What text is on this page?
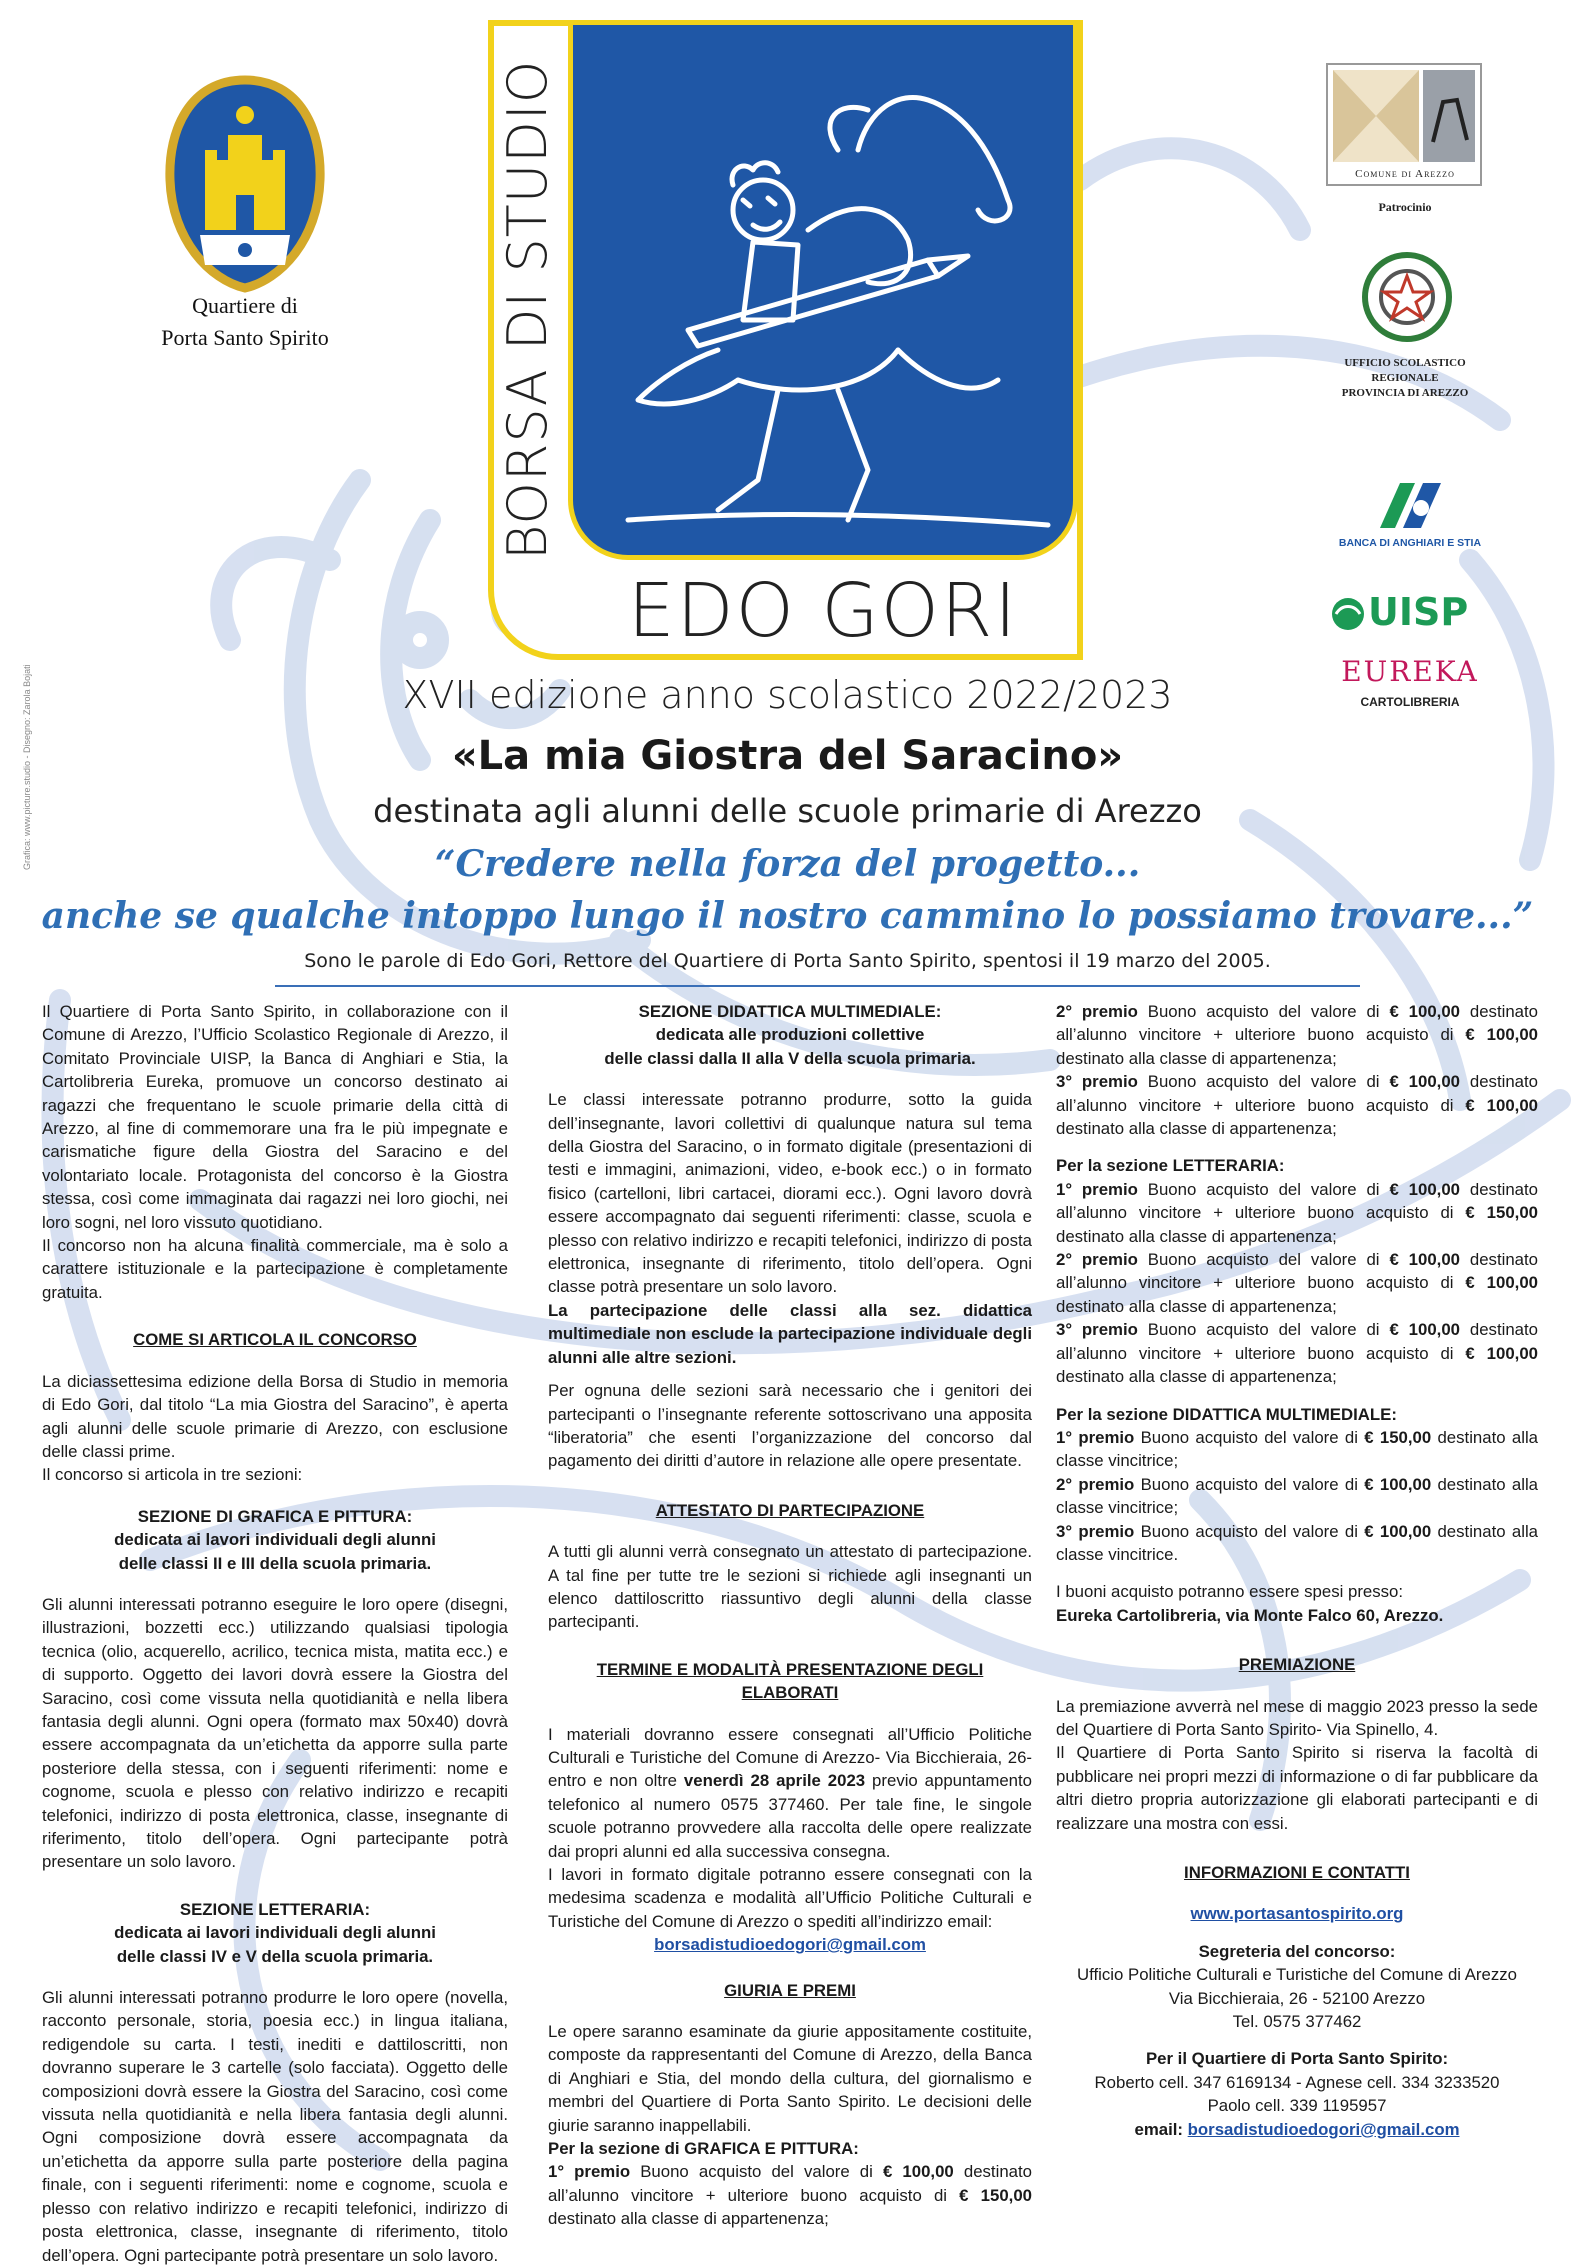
Grafica: www.picture.studio - Disegno: Zarola Bojati
Quartiere di
Porta Santo Spirito	BORSA DI STUDIO
EDO GORI
Comune di Arezzo
Patrocinio
UFFICIO SCOLASTICO
REGIONALE
PROVINCIA DI AREZZO
BANCA DI ANGHIARI E STIA
UISP
EUREKA
CARTOLIBRERIA
XVII edizione anno scolastico 2022/2023
«La mia Giostra del Saracino»
destinata agli alunni delle scuole primarie di Arezzo
“Credere nella forza del progetto...
anche se qualche intoppo lungo il nostro cammino lo possiamo trovare...”
Sono le parole di Edo Gori, Rettore del Quartiere di Porta Santo Spirito, spentosi il 19 marzo del 2005.

Il Quartiere di Porta Santo Spirito, in collaborazione con il Comune di Arezzo, l’Ufficio Scolastico Regionale di Arezzo, il Comitato Provinciale UISP, la Banca di Anghiari e Stia, la Cartolibreria Eureka, promuove un concorso destinato ai ragazzi che frequentano le scuole primarie della città di Arezzo, al fine di commemorare una fra le più impegnate e carismatiche figure della Giostra del Saracino e del volontariato locale. Protagonista del concorso è la Giostra stessa, così come immaginata dai ragazzi nei loro giochi, nei loro sogni, nel loro vissuto quotidiano.

Il concorso non ha alcuna finalità commerciale, ma è solo a carattere istituzionale e la partecipazione è completamente gratuita.

COME SI ARTICOLA IL CONCORSO

La diciassettesima edizione della Borsa di Studio in memoria di Edo Gori, dal titolo “La mia Giostra del Saracino”, è aperta agli alunni delle scuole primarie di Arezzo, con esclusione delle classi prime.

Il concorso si articola in tre sezioni:

SEZIONE DI GRAFICA E PITTURA:

dedicata ai lavori individuali degli alunni

delle classi II e III della scuola primaria.

Gli alunni interessati potranno eseguire le loro opere (disegni, illustrazioni, bozzetti ecc.) utilizzando qualsiasi tipologia tecnica (olio, acquerello, acrilico, tecnica mista, matita ecc.) e di supporto. Oggetto dei lavori dovrà essere la Giostra del Saracino, così come vissuta nella quotidianità e nella libera fantasia degli alunni. Ogni opera (formato max 50x40) dovrà essere accompagnata da un’etichetta da apporre sulla parte posteriore della stessa, con i seguenti riferimenti: nome e cognome, scuola e plesso con relativo indirizzo e recapiti telefonici, indirizzo di posta elettronica, classe, insegnante di riferimento, titolo dell’opera. Ogni partecipante potrà presentare un solo lavoro.

SEZIONE LETTERARIA:

dedicata ai lavori individuali degli alunni

delle classi IV e V della scuola primaria.

Gli alunni interessati potranno produrre le loro opere (novella, racconto personale, storia, poesia ecc.) in lingua italiana, redigendole su carta. I testi, inediti e dattiloscritti, non dovranno superare le 3 cartelle (solo facciata). Oggetto delle composizioni dovrà essere la Giostra del Saracino, così come vissuta nella quotidianità e nella libera fantasia degli alunni. Ogni composizione dovrà essere accompagnata da un’etichetta da apporre sulla parte posteriore della pagina finale, con i seguenti riferimenti: nome e cognome, scuola e plesso con relativo indirizzo e recapiti telefonici, indirizzo di posta elettronica, classe, insegnante di riferimento, titolo dell’opera. Ogni partecipante potrà presentare un solo lavoro.

SEZIONE DIDATTICA MULTIMEDIALE:

dedicata alle produzioni collettive

delle classi dalla II alla V della scuola primaria.

Le classi interessate potranno produrre, sotto la guida dell’insegnante, lavori collettivi di qualunque natura sul tema della Giostra del Saracino, o in formato digitale (presentazioni di testi e immagini, animazioni, video, e-book ecc.) o in formato fisico (cartelloni, libri cartacei, diorami ecc.). Ogni lavoro dovrà essere accompagnato dai seguenti riferimenti: classe, scuola e plesso con relativo indirizzo e recapiti telefonici, indirizzo di posta elettronica, insegnante di riferimento, titolo dell’opera. Ogni classe potrà presentare un solo lavoro.

La partecipazione delle classi alla sez. didattica multimediale non esclude la partecipazione individuale degli alunni alle altre sezioni.

Per ognuna delle sezioni sarà necessario che i genitori dei partecipanti o l’insegnante referente sottoscrivano una apposita “liberatoria” che esenti l’organizzazione del concorso dal pagamento dei diritti d’autore in relazione alle opere presentate.

ATTESTATO DI PARTECIPAZIONE

A tutti gli alunni verrà consegnato un attestato di partecipazione. A tal fine per tutte tre le sezioni si richiede agli insegnanti un elenco dattiloscritto riassuntivo degli alunni della classe partecipanti.

TERMINE E MODALITÀ PRESENTAZIONE DEGLI ELABORATI

I materiali dovranno essere consegnati all’Ufficio Politiche Culturali e Turistiche del Comune di Arezzo- Via Bicchieraia, 26- entro e non oltre venerdì 28 aprile 2023 previo appuntamento telefonico al numero 0575 377460. Per tale fine, le singole scuole potranno provvedere alla raccolta delle opere realizzate dai propri alunni ed alla successiva consegna.

I lavori in formato digitale potranno essere consegnati con la medesima scadenza e modalità all’Ufficio Politiche Culturali e Turistiche del Comune di Arezzo o spediti all’indirizzo email:

borsadistudioedogori@gmail.com

GIURIA E PREMI

Le opere saranno esaminate da giurie appositamente costituite, composte da rappresentanti del Comune di Arezzo, della Banca di Anghiari e Stia, del mondo della cultura, del giornalismo e membri del Quartiere di Porta Santo Spirito. Le decisioni delle giurie saranno inappellabili.

Per la sezione di GRAFICA E PITTURA:

1° premio Buono acquisto del valore di € 100,00 destinato all’alunno vincitore + ulteriore buono acquisto di € 150,00 destinato alla classe di appartenenza;

2° premio Buono acquisto del valore di € 100,00 destinato all’alunno vincitore + ulteriore buono acquisto di € 100,00 destinato alla classe di appartenenza;

3° premio Buono acquisto del valore di € 100,00 destinato all’alunno vincitore + ulteriore buono acquisto di € 100,00 destinato alla classe di appartenenza;

Per la sezione LETTERARIA:

1° premio Buono acquisto del valore di € 100,00 destinato all’alunno vincitore + ulteriore buono acquisto di € 150,00 destinato alla classe di appartenenza;

2° premio Buono acquisto del valore di € 100,00 destinato all’alunno vincitore + ulteriore buono acquisto di € 100,00 destinato alla classe di appartenenza;

3° premio Buono acquisto del valore di € 100,00 destinato all’alunno vincitore + ulteriore buono acquisto di € 100,00 destinato alla classe di appartenenza;

Per la sezione DIDATTICA MULTIMEDIALE:

1° premio Buono acquisto del valore di € 150,00 destinato alla classe vincitrice;

2° premio Buono acquisto del valore di € 100,00 destinato alla classe vincitrice;

3° premio Buono acquisto del valore di € 100,00 destinato alla classe vincitrice.

I buoni acquisto potranno essere spesi presso:

Eureka Cartolibreria, via Monte Falco 60, Arezzo.

PREMIAZIONE

La premiazione avverrà nel mese di maggio 2023 presso la sede del Quartiere di Porta Santo Spirito- Via Spinello, 4.

Il Quartiere di Porta Santo Spirito si riserva la facoltà di pubblicare nei propri mezzi di informazione o di far pubblicare da altri dietro propria autorizzazione gli elaborati partecipanti e di realizzare una mostra con essi.

INFORMAZIONI E CONTATTI

www.portasantospirito.org

Segreteria del concorso:

Ufficio Politiche Culturali e Turistiche del Comune di Arezzo

Via Bicchieraia, 26 - 52100 Arezzo

Tel. 0575 377462

Per il Quartiere di Porta Santo Spirito:

Roberto cell. 347 6169134 - Agnese cell. 334 3233520

Paolo cell. 339 1195957

email: borsadistudioedogori@gmail.com
